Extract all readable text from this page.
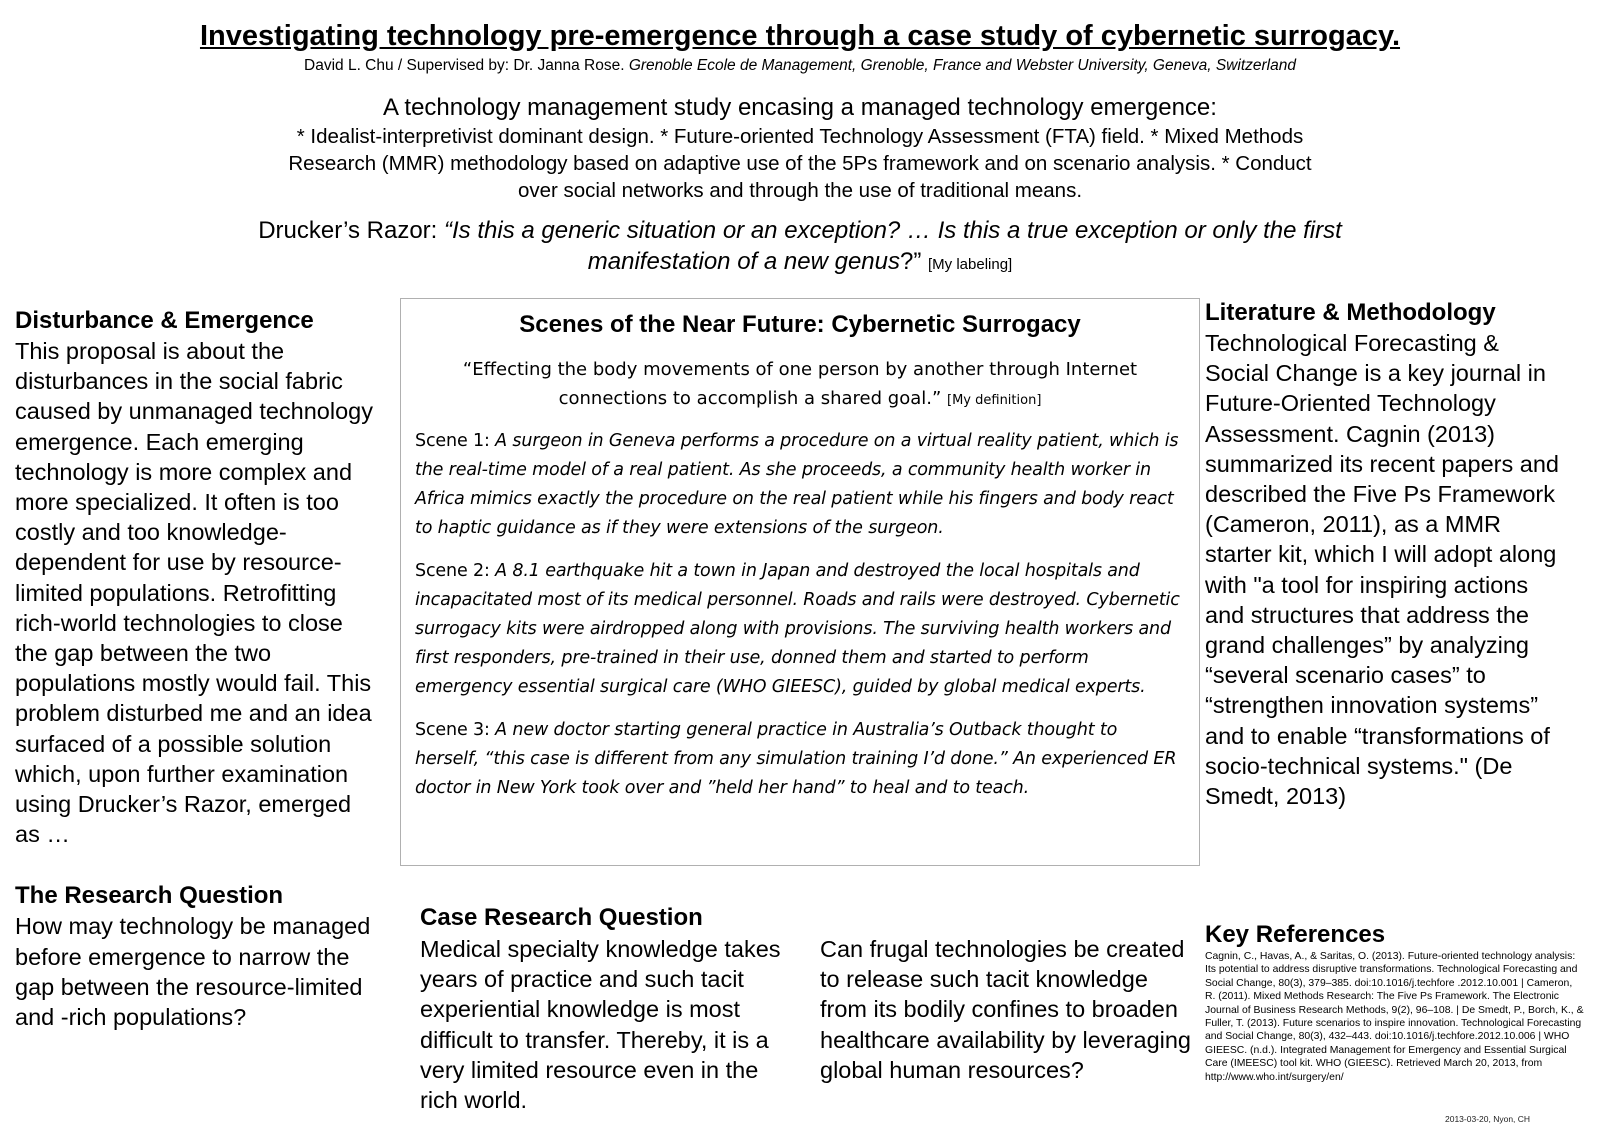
Investigating technology pre-emergence through a case study of cybernetic surrogacy.
David L. Chu / Supervised by: Dr. Janna Rose. Grenoble Ecole de Management, Grenoble, France and Webster University, Geneva, Switzerland
A technology management study encasing a managed technology emergence:
* Idealist-interpretivist dominant design. * Future-oriented Technology Assessment (FTA) field. * Mixed Methods Research (MMR) methodology based on adaptive use of the 5Ps framework and on scenario analysis. * Conduct over social networks and through the use of traditional means.
Drucker’s Razor: “Is this a generic situation or an exception? … Is this a true exception or only the first manifestation of a new genus?” [My labeling]
Disturbance & Emergence
This proposal is about the disturbances in the social fabric caused by unmanaged technology emergence. Each emerging technology is more complex and more specialized. It often is too costly and too knowledge-dependent for use by resource-limited populations. Retrofitting rich-world technologies to close the gap between the two populations mostly would fail. This problem disturbed me and an idea surfaced of a possible solution which, upon further examination using Drucker’s Razor, emerged as …
The Research Question
How may technology be managed before emergence to narrow the gap between the resource-limited and -rich populations?
Scenes of the Near Future: Cybernetic Surrogacy
“Effecting the body movements of one person by another through Internet connections to accomplish a shared goal.” [My definition]
Scene 1: A surgeon in Geneva performs a procedure on a virtual reality patient, which is the real-time model of a real patient. As she proceeds, a community health worker in Africa mimics exactly the procedure on the real patient while his fingers and body react to haptic guidance as if they were extensions of the surgeon.
Scene 2: A 8.1 earthquake hit a town in Japan and destroyed the local hospitals and incapacitated most of its medical personnel. Roads and rails were destroyed. Cybernetic surrogacy kits were airdropped along with provisions. The surviving health workers and first responders, pre-trained in their use, donned them and started to perform emergency essential surgical care (WHO GIEESC), guided by global medical experts.
Scene 3: A new doctor starting general practice in Australia’s Outback thought to herself, “this case is different from any simulation training I’d done.” An experienced ER doctor in New York took over and ”held her hand” to heal and to teach.
Case Research Question
Medical specialty knowledge takes years of practice and such tacit experiential knowledge is most difficult to transfer. Thereby, it is a very limited resource even in the rich world.
Can frugal technologies be created to release such tacit knowledge from its bodily confines to broaden healthcare availability by leveraging global human resources?
Literature & Methodology
Technological Forecasting & Social Change is a key journal in Future-Oriented Technology Assessment. Cagnin (2013) summarized its recent papers and described the Five Ps Framework (Cameron, 2011), as a MMR starter kit, which I will adopt along with "a tool for inspiring actions and structures that address the grand challenges” by analyzing “several scenario cases” to “strengthen innovation systems” and to enable “transformations of socio-technical systems." (De Smedt, 2013)
Key References
Cagnin, C., Havas, A., & Saritas, O. (2013). Future-oriented technology analysis: Its potential to address disruptive transformations. Technological Forecasting and Social Change, 80(3), 379–385. doi:10.1016/j.techfore .2012.10.001 | Cameron, R. (2011). Mixed Methods Research: The Five Ps Framework. The Electronic Journal of Business Research Methods, 9(2), 96–108. | De Smedt, P., Borch, K., & Fuller, T. (2013). Future scenarios to inspire innovation. Technological Forecasting and Social Change, 80(3), 432–443. doi:10.1016/j.techfore.2012.10.006 | WHO GIEESC. (n.d.). Integrated Management for Emergency and Essential Surgical Care (IMEESC) tool kit. WHO (GIEESC). Retrieved March 20, 2013, from http://www.who.int/surgery/en/
2013-03-20, Nyon, CH
